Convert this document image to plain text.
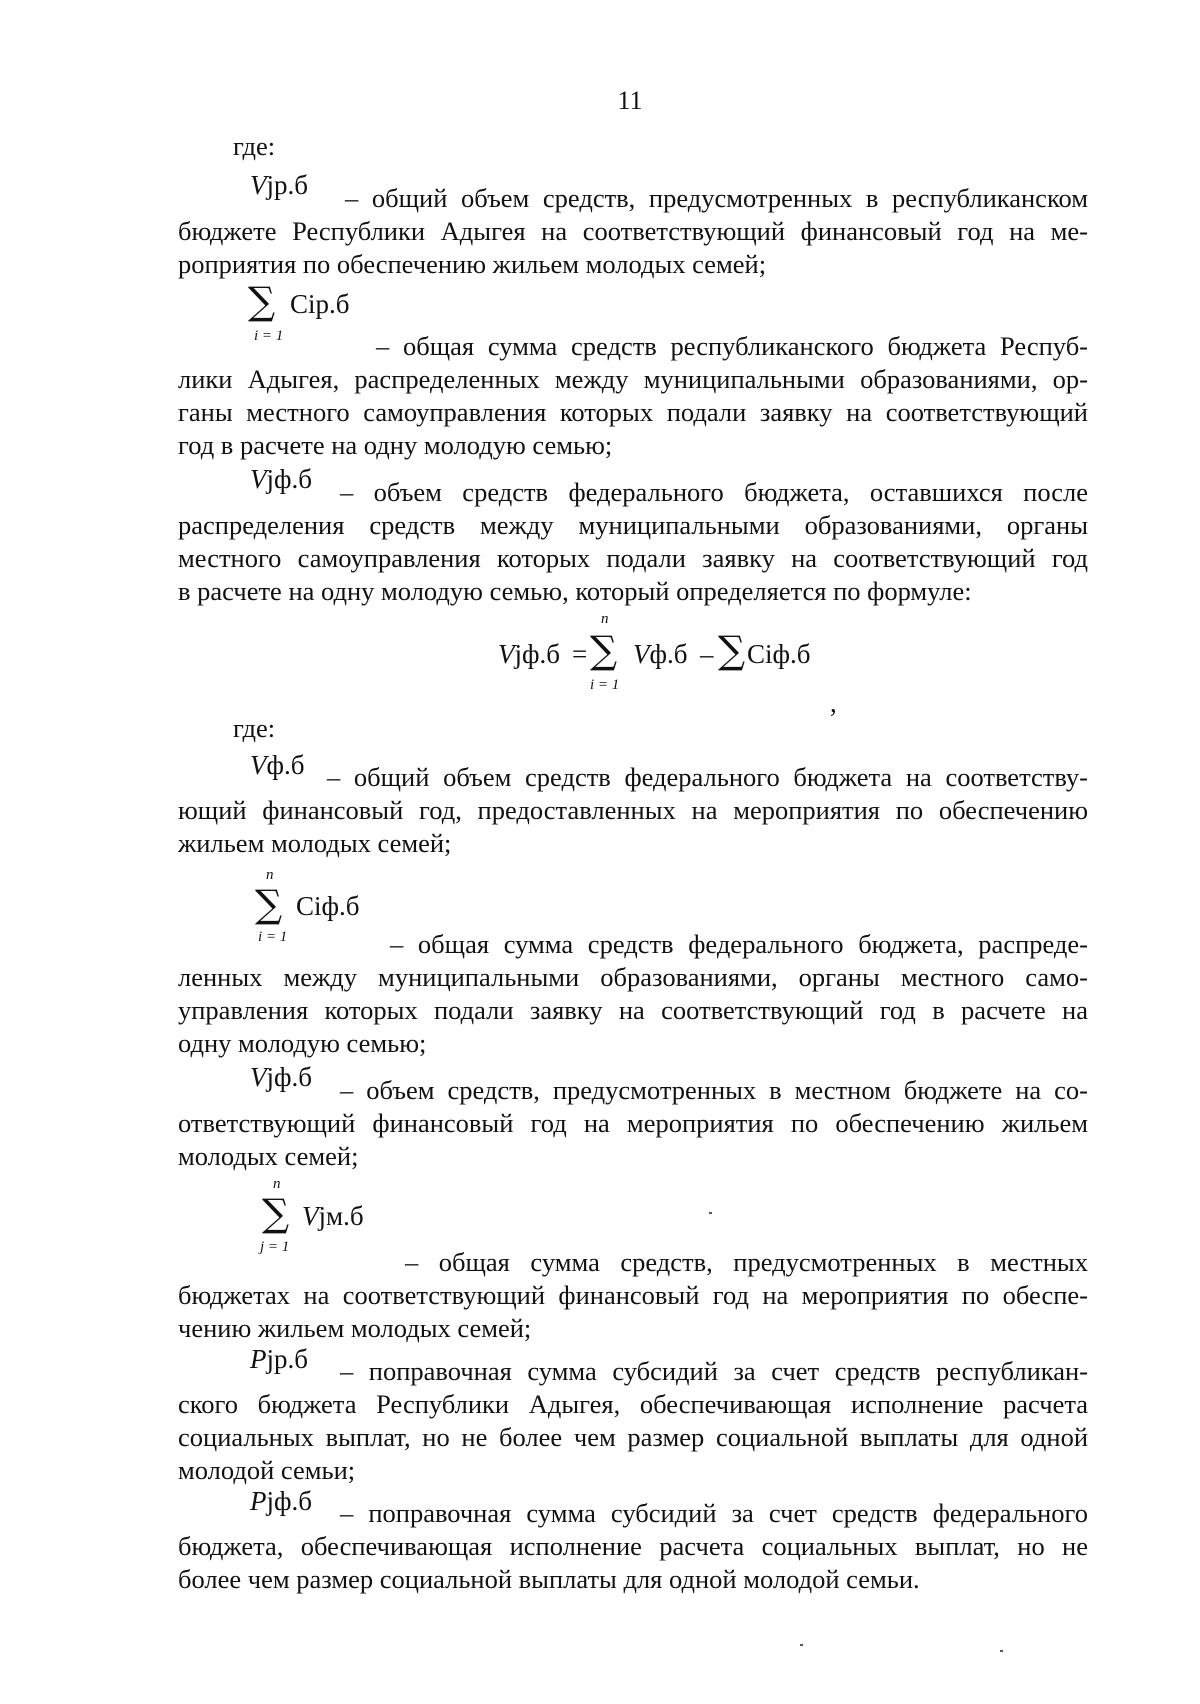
11
где:
Vjр.б – общий объем средств, предусмотренных в республиканском
бюджете Республики Адыгея на соответствующий финансовый год на ме-
роприятия по обеспечению жильем молодых семей;
∑
i = 1
Ciр.б
– общая сумма средств республиканского бюджета Респуб-
лики Адыгея, распределенных между муниципальными образованиями, ор-
ганы местного самоуправления которых подали заявку на соответствующий
год в расчете на одну молодую семью;
Vjф.б – объем средств федерального бюджета, оставшихся после
распределения средств между муниципальными образованиями, органы
местного самоуправления которых подали заявку на соответствующий год
в расчете на одну молодую семью, который определяется по формуле:
Vjф.б =
n
∑
i = 1
Vф.б – ∑ Ciф.б
,
где:
Vф.б – общий объем средств федерального бюджета на соответству-
ющий финансовый год, предоставленных на мероприятия по обеспечению
жильем молодых семей;
n
∑
i = 1
Ciф.б
– общая сумма средств федерального бюджета, распреде-
ленных между муниципальными образованиями, органы местного само-
управления которых подали заявку на соответствующий год в расчете на
одну молодую семью;
Vjф.б – объем средств, предусмотренных в местном бюджете на со-
ответствующий финансовый год на мероприятия по обеспечению жильем
молодых семей;
n
∑
j = 1
Vjм.б
– общая сумма средств, предусмотренных в местных
бюджетах на соответствующий финансовый год на мероприятия по обеспе-
чению жильем молодых семей;
Pjр.б – поправочная сумма субсидий за счет средств республикан-
ского бюджета Республики Адыгея, обеспечивающая исполнение расчета
социальных выплат, но не более чем размер социальной выплаты для одной
молодой семьи;
Pjф.б – поправочная сумма субсидий за счет средств федерального
бюджета, обеспечивающая исполнение расчета социальных выплат, но не
более чем размер социальной выплаты для одной молодой семьи.
